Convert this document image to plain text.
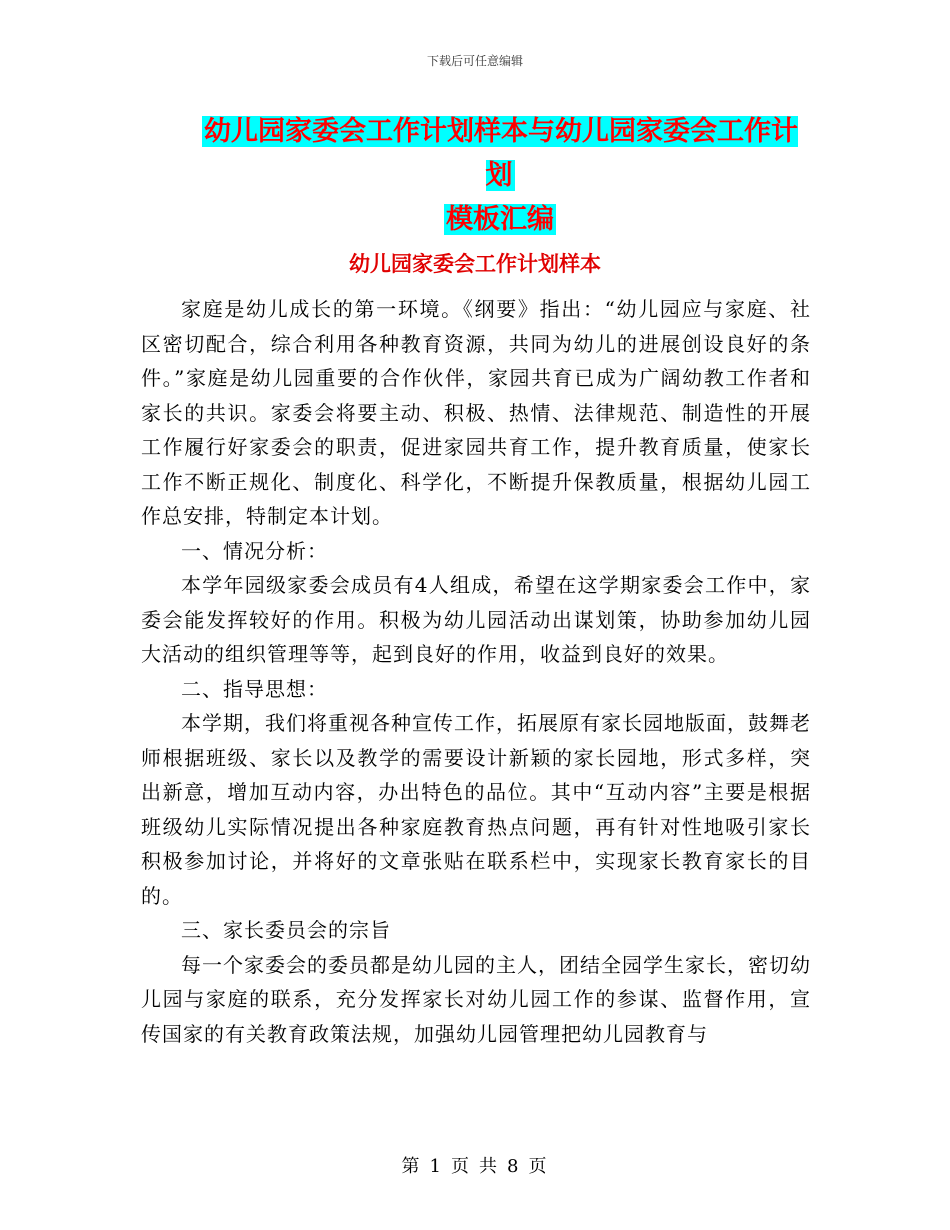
下载后可任意编辑
幼儿园家委会工作计划样本与幼儿园家委会工作计划
模板汇编
幼儿园家委会工作计划样本

家庭是幼儿成长的第一环境。《纲要》指出：“幼儿园应与家庭、社区密切配合，综合利用各种教育资源，共同为幼儿的进展创设良好的条件。”家庭是幼儿园重要的合作伙伴，家园共育已成为广阔幼教工作者和家长的共识。家委会将要主动、积极、热情、法律规范、制造性的开展工作履行好家委会的职责，促进家园共育工作，提升教育质量，使家长工作不断正规化、制度化、科学化，不断提升保教质量，根据幼儿园工作总安排，特制定本计划。

一、情况分析：

本学年园级家委会成员有4人组成，希望在这学期家委会工作中，家委会能发挥较好的作用。积极为幼儿园活动出谋划策，协助参加幼儿园大活动的组织管理等等，起到良好的作用，收益到良好的效果。

二、指导思想：

本学期，我们将重视各种宣传工作，拓展原有家长园地版面，鼓舞老师根据班级、家长以及教学的需要设计新颖的家长园地，形式多样，突出新意，增加互动内容，办出特色的品位。其中“互动内容”主要是根据班级幼儿实际情况提出各种家庭教育热点问题，再有针对性地吸引家长积极参加讨论，并将好的文章张贴在联系栏中，实现家长教育家长的目的。

三、家长委员会的宗旨

每一个家委会的委员都是幼儿园的主人，团结全园学生家长，密切幼儿园与家庭的联系，充分发挥家长对幼儿园工作的参谋、监督作用，宣传国家的有关教育政策法规，加强幼儿园管理把幼儿园教育与

第 1 页 共 8 页
